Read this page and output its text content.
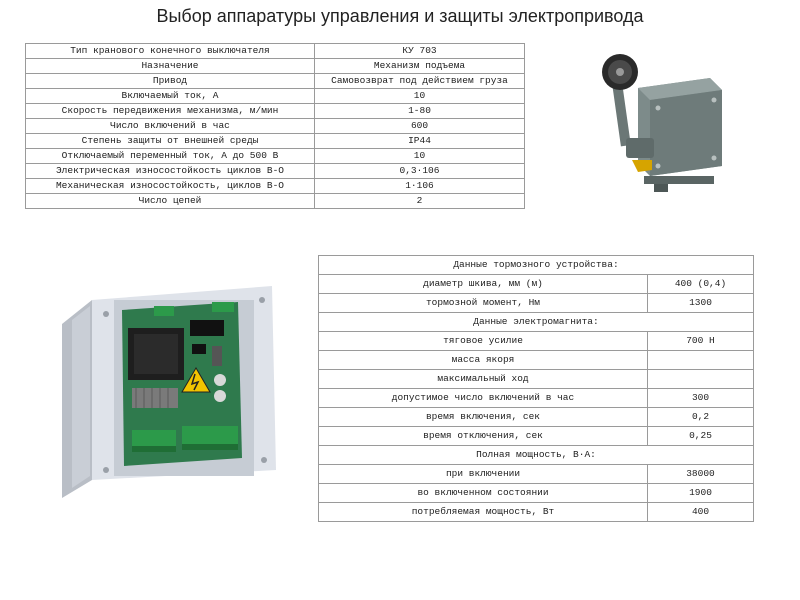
Выбор аппаратуры управления и защиты электропривода
Тип кранового конечного выключателя	КУ 703
Назначение	Механизм подъема
Привод	Самовозврат под действием груза
Включаемый ток, А	10
Скорость передвижения механизма, м/мин	1-80
Число включений в час	600
Степень защиты от внешней среды	IP44
Отключаемый переменный ток, А до 500 В	10
Электрическая износостойкость циклов В-О	0,3·106
Механическая износостойкость, циклов В-О	1·106
Число цепей	2
Данные тормозного устройства:	
диаметр шкива, мм (м)	400 (0,4)
тормозной момент, Нм	1300
Данные электромагнита:	
тяговое усилие	700 Н
масса якоря	
максимальный ход	
допустимое число включений в час	300
время включения, сек	0,2
время отключения, сек	0,25
Полная мощность, В·А:	
при включении	38000
во включенном состоянии	1900
потребляемая мощность, Вт	400
